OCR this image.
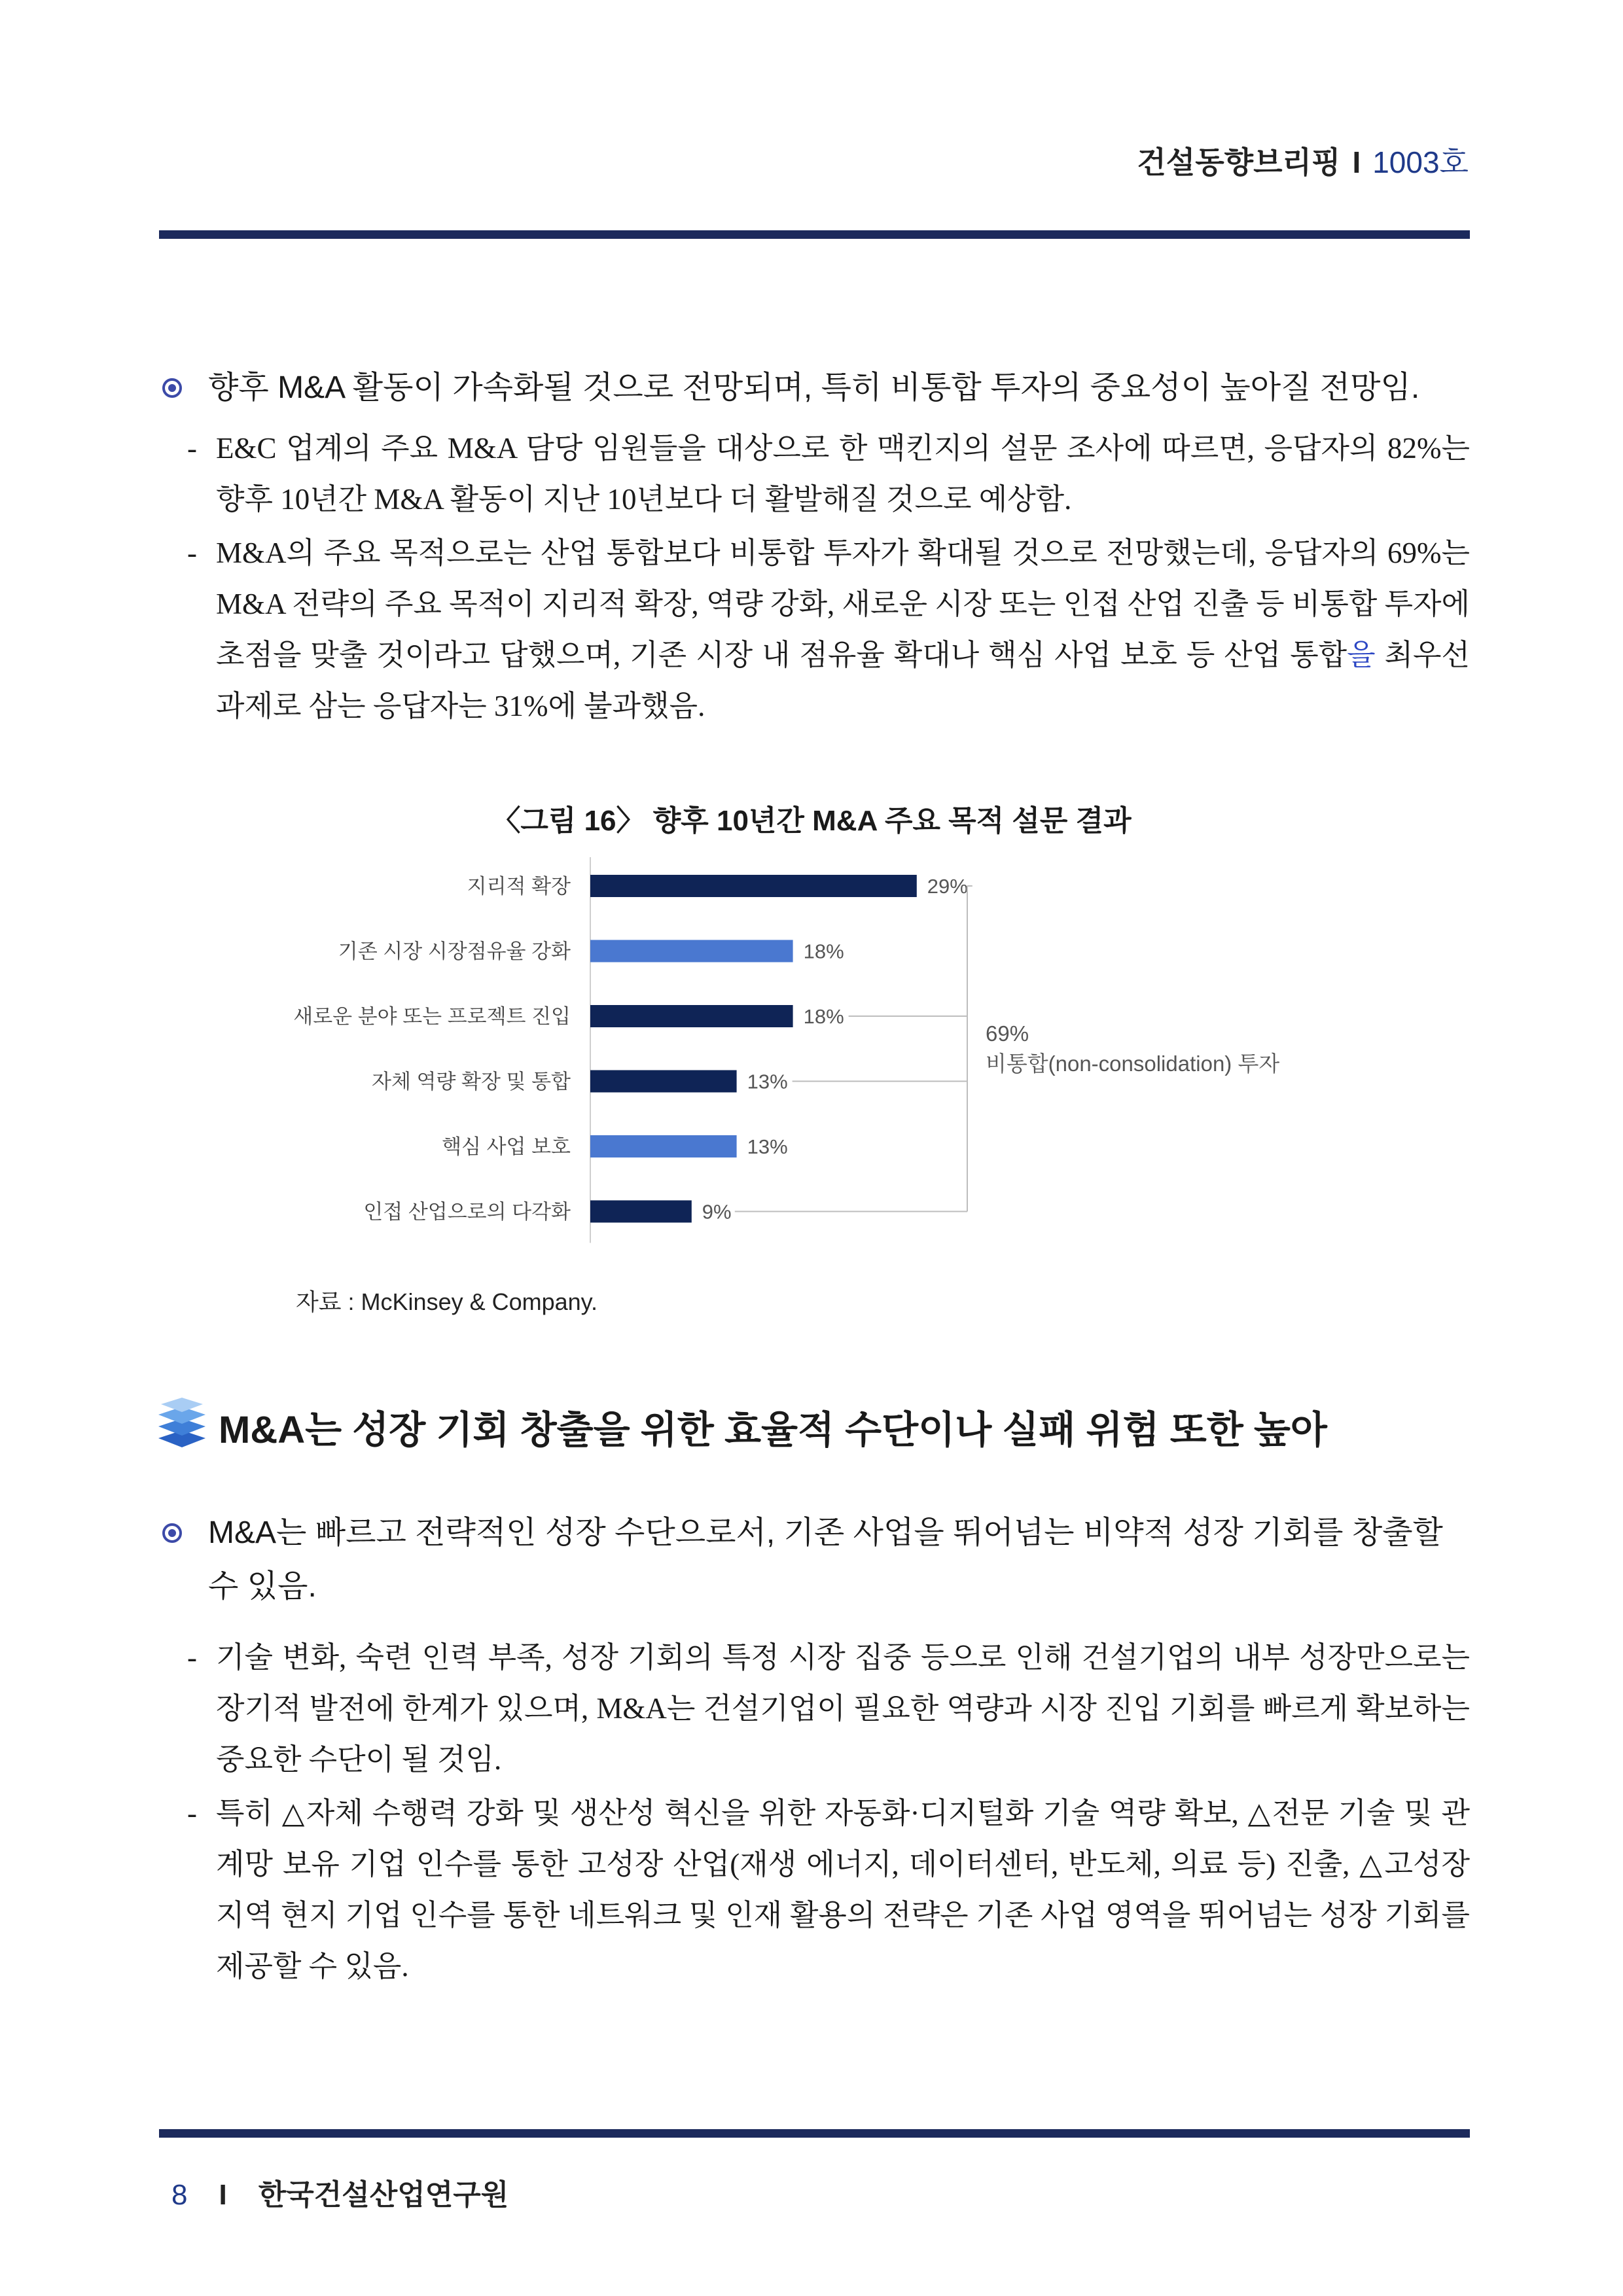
건설동향브리핑 I 1003호
향후 M&A 활동이 가속화될 것으로 전망되며, 특히 비통합 투자의 중요성이 높아질 전망임.
- E&C 업계의 주요 M&A 담당 임원들을 대상으로 한 맥킨지의 설문 조사에 따르면, 응답자의 82%는 향후 10년간 M&A 활동이 지난 10년보다 더 활발해질 것으로 예상함.
- M&A의 주요 목적으로는 산업 통합보다 비통합 투자가 확대될 것으로 전망했는데, 응답자의 69%는 M&A 전략의 주요 목적이 지리적 확장, 역량 강화, 새로운 시장 또는 인접 산업 진출 등 비통합 투자에 초점을 맞출 것이라고 답했으며, 기존 시장 내 점유율 확대나 핵심 사업 보호 등 산업 통합을 최우선 과제로 삼는 응답자는 31%에 불과했음.
〈그림 16〉 향후 10년간 M&A 주요 목적 설문 결과
지리적 확장	29%
기존 시장 시장점유율 강화	18%
새로운 분야 또는 프로젝트 진입	18%
자체 역량 확장 및 통합	13%
핵심 사업 보호	13%
인접 산업으로의 다각화	9%
69%
비통합(non-consolidation) 투자
자료 : McKinsey & Company.
M&A는 성장 기회 창출을 위한 효율적 수단이나 실패 위험 또한 높아
M&A는 빠르고 전략적인 성장 수단으로서, 기존 사업을 뛰어넘는 비약적 성장 기회를 창출할 수 있음.
- 기술 변화, 숙련 인력 부족, 성장 기회의 특정 시장 집중 등으로 인해 건설기업의 내부 성장만으로는 장기적 발전에 한계가 있으며, M&A는 건설기업이 필요한 역량과 시장 진입 기회를 빠르게 확보하는 중요한 수단이 될 것임.
- 특히 △자체 수행력 강화 및 생산성 혁신을 위한 자동화·디지털화 기술 역량 확보, △전문 기술 및 관계망 보유 기업 인수를 통한 고성장 산업(재생 에너지, 데이터센터, 반도체, 의료 등) 진출, △고성장 지역 현지 기업 인수를 통한 네트워크 및 인재 활용의 전략은 기존 사업 영역을 뛰어넘는 성장 기회를 제공할 수 있음.
8 I 한국건설산업연구원
